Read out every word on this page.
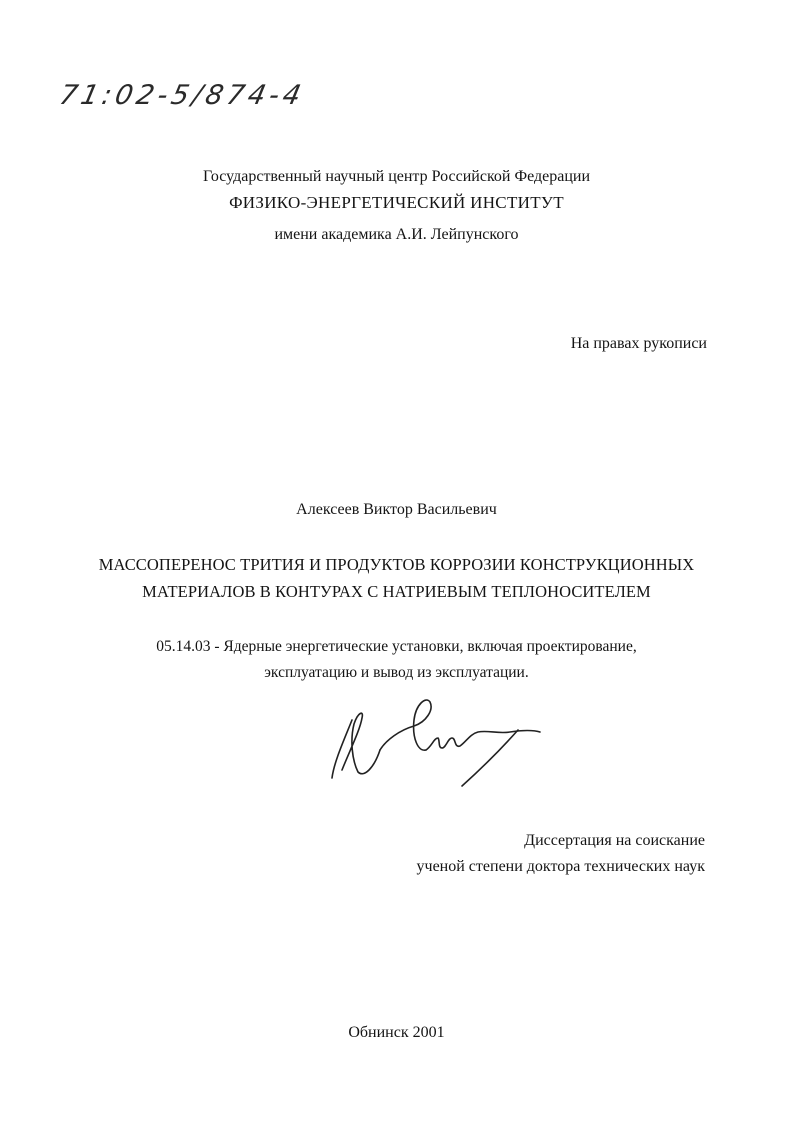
71:02-5/874-4
Государственный научный центр Российской Федерации
ФИЗИКО-ЭНЕРГЕТИЧЕСКИЙ ИНСТИТУТ
имени академика А.И. Лейпунского
На правах рукописи
Алексеев Виктор Васильевич
МАССОПЕРЕНОС ТРИТИЯ И ПРОДУКТОВ КОРРОЗИИ КОНСТРУКЦИОННЫХ
МАТЕРИАЛОВ В КОНТУРАХ С НАТРИЕВЫМ ТЕПЛОНОСИТЕЛЕМ
05.14.03 - Ядерные энергетические установки, включая проектирование,
эксплуатацию и вывод из эксплуатации.
Диссертация на соискание
ученой степени доктора технических наук
Обнинск 2001
